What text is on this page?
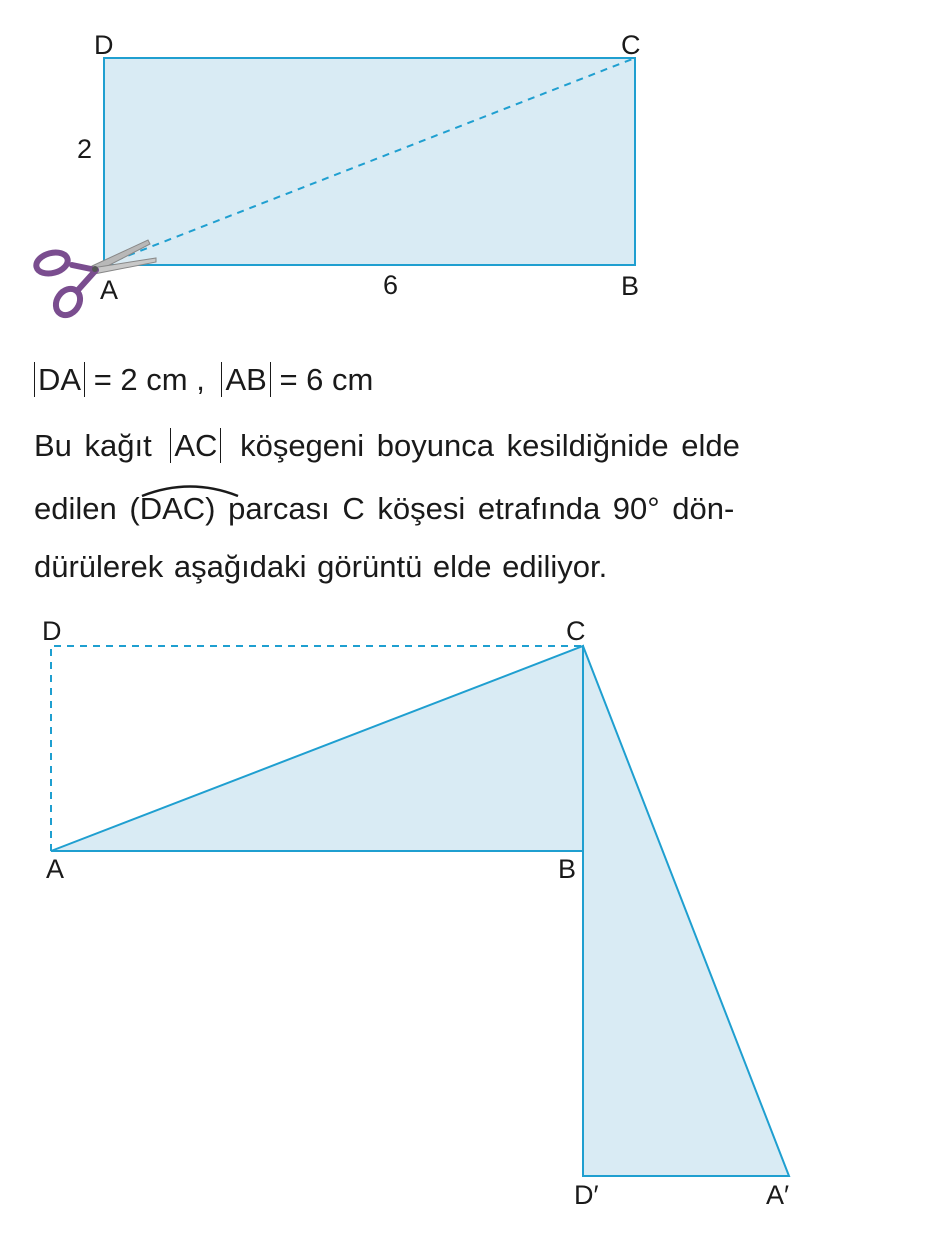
D	C
A	B
2
6
D	C
A	B
D′	A′
DA = 2 cm , AB = 6 cm
Bu kağıt AC köşegeni boyunca kesildiğnide elde
edilen (
DAC) parcası C köşesi etrafında 90° dön-
dürülerek aşağıdaki görüntü elde ediliyor.
